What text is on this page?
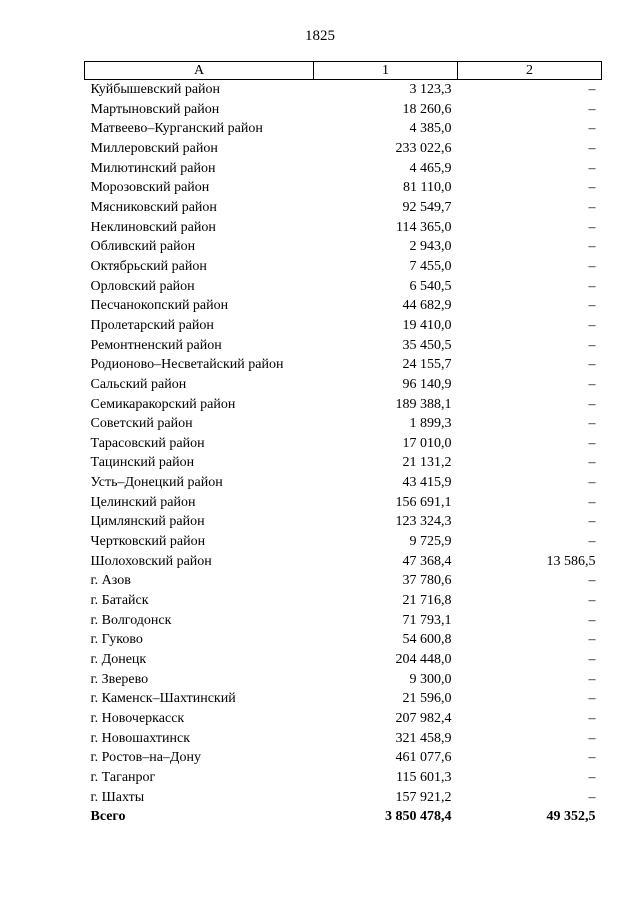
1825
А	1	2
Куйбышевский район	3 123,3	–
Мартыновский район	18 260,6	–
Матвеево–Курганский район	4 385,0	–
Миллеровский район	233 022,6	–
Милютинский район	4 465,9	–
Морозовский район	81 110,0	–
Мясниковский район	92 549,7	–
Неклиновский район	114 365,0	–
Обливский район	2 943,0	–
Октябрьский район	7 455,0	–
Орловский район	6 540,5	–
Песчанокопский район	44 682,9	–
Пролетарский район	19 410,0	–
Ремонтненский район	35 450,5	–
Родионово–Несветайский район	24 155,7	–
Сальский район	96 140,9	–
Семикаракорский район	189 388,1	–
Советский район	1 899,3	–
Тарасовский район	17 010,0	–
Тацинский район	21 131,2	–
Усть–Донецкий район	43 415,9	–
Целинский район	156 691,1	–
Цимлянский район	123 324,3	–
Чертковский район	9 725,9	–
Шолоховский район	47 368,4	13 586,5
г. Азов	37 780,6	–
г. Батайск	21 716,8	–
г. Волгодонск	71 793,1	–
г. Гуково	54 600,8	–
г. Донецк	204 448,0	–
г. Зверево	9 300,0	–
г. Каменск–Шахтинский	21 596,0	–
г. Новочеркасск	207 982,4	–
г. Новошахтинск	321 458,9	–
г. Ростов–на–Дону	461 077,6	–
г. Таганрог	115 601,3	–
г. Шахты	157 921,2	–
Всего	3 850 478,4	49 352,5
